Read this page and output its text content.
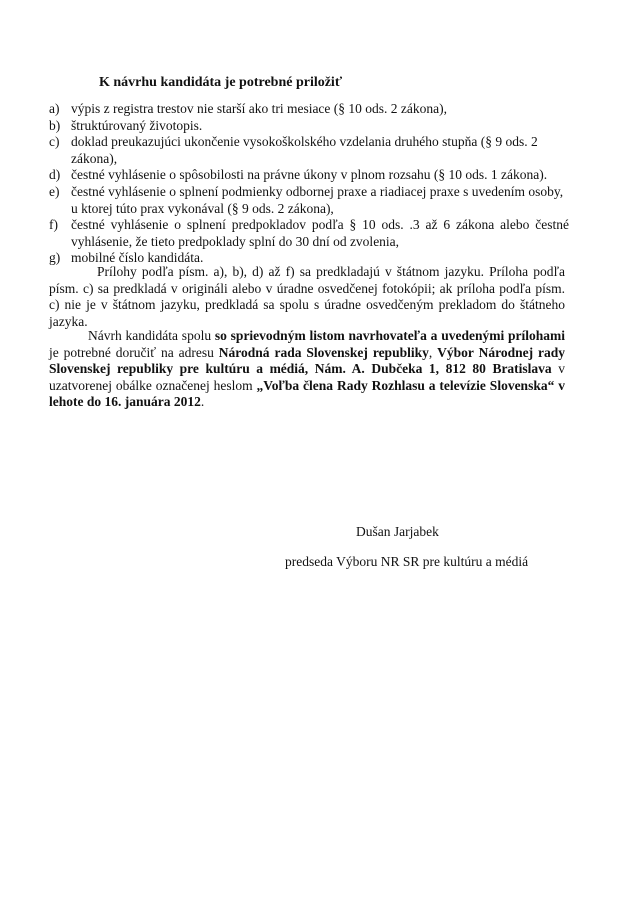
K návrhu kandidáta je potrebné priložiť
a) výpis z registra trestov nie starší ako tri mesiace (§ 10 ods. 2 zákona),
b) štruktúrovaný životopis.
c) doklad preukazujúci ukončenie vysokoškolského vzdelania druhého stupňa (§ 9 ods. 2 zákona),
d) čestné vyhlásenie o spôsobilosti na právne úkony v plnom rozsahu (§ 10 ods. 1 zákona).
e) čestné vyhlásenie o splnení podmienky odbornej praxe a riadiacej praxe s uvedením osoby, u ktorej túto prax vykonával (§ 9 ods. 2 zákona),
f) čestné vyhlásenie o splnení predpokladov podľa § 10 ods. .3 až 6 zákona alebo čestné vyhlásenie, že tieto predpoklady splní do 30 dní od zvolenia,
g) mobilné číslo kandidáta.

Prílohy podľa písm. a), b), d) až f) sa predkladajú v štátnom jazyku. Príloha podľa písm. c) sa predkladá v origináli alebo v úradne osvedčenej fotokópii; ak príloha podľa písm. c) nie je v štátnom jazyku, predkladá sa spolu s úradne osvedčeným prekladom do štátneho jazyka.

Návrh kandidáta spolu so sprievodným listom navrhovateľa a uvedenými prílohami je potrebné doručiť na adresu Národná rada Slovenskej republiky, Výbor Národnej rady Slovenskej republiky pre kultúru a médiá, Nám. A. Dubčeka 1, 812 80 Bratislava v uzatvorenej obálke označenej heslom „Voľba člena Rady Rozhlasu a televízie Slovenska“ v lehote do 16. januára 2012.

Dušan Jarjabek
predseda Výboru NR SR pre kultúru a médiá
